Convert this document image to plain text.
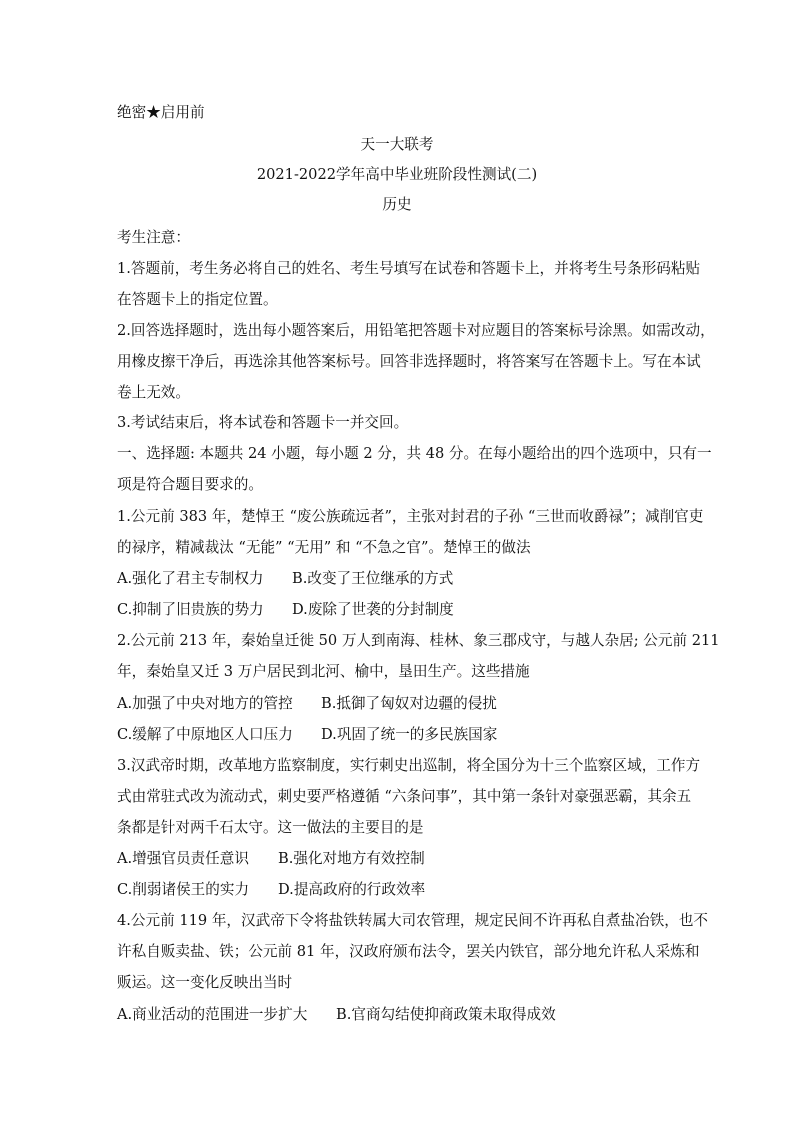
绝密★启用前
天一大联考
2021-2022学年高中毕业班阶段性测试(二)
历史
考生注意：
1.答题前，考生务必将自己的姓名、考生号填写在试卷和答题卡上，并将考生号条形码粘贴
在答题卡上的指定位置。
2.回答选择题时，选出每小题答案后，用铅笔把答题卡对应题目的答案标号涂黑。如需改动，
用橡皮擦干净后，再选涂其他答案标号。回答非选择题时，将答案写在答题卡上。写在本试
卷上无效。
3.考试结束后，将本试卷和答题卡一并交回。
一、选择题: 本题共 24 小题，每小题 2 分，共 48 分。在每小题给出的四个选项中，只有一
项是符合题目要求的。
1.公元前 383 年，楚悼王 “废公族疏远者”，主张对封君的子孙 “三世而收爵禄”；减削官吏
的禄序，精减裁汰 “无能” “无用” 和 “不急之官”。楚悼王的做法
A.强化了君主专制权力 B.改变了王位继承的方式
C.抑制了旧贵族的势力 D.废除了世袭的分封制度
2.公元前 213 年，秦始皇迁徙 50 万人到南海、桂林、象三郡戍守，与越人杂居; 公元前 211
年，秦始皇又迁 3 万户居民到北河、榆中，垦田生产。这些措施
A.加强了中央对地方的管控 B.抵御了匈奴对边疆的侵扰
C.缓解了中原地区人口压力 D.巩固了统一的多民族国家
3.汉武帝时期，改革地方监察制度，实行刺史出巡制，将全国分为十三个监察区域，工作方
式由常驻式改为流动式，刺史要严格遵循 “六条问事”，其中第一条针对豪强恶霸，其余五
条都是针对两千石太守。这一做法的主要目的是
A.增强官员责任意识 B.强化对地方有效控制
C.削弱诸侯王的实力 D.提高政府的行政效率
4.公元前 119 年，汉武帝下令将盐铁转属大司农管理，规定民间不许再私自煮盐冶铁，也不
许私自贩卖盐、铁；公元前 81 年，汉政府颁布法令，罢关内铁官，部分地允许私人采炼和
贩运。这一变化反映出当时
A.商业活动的范围进一步扩大 B.官商勾结使抑商政策未取得成效
